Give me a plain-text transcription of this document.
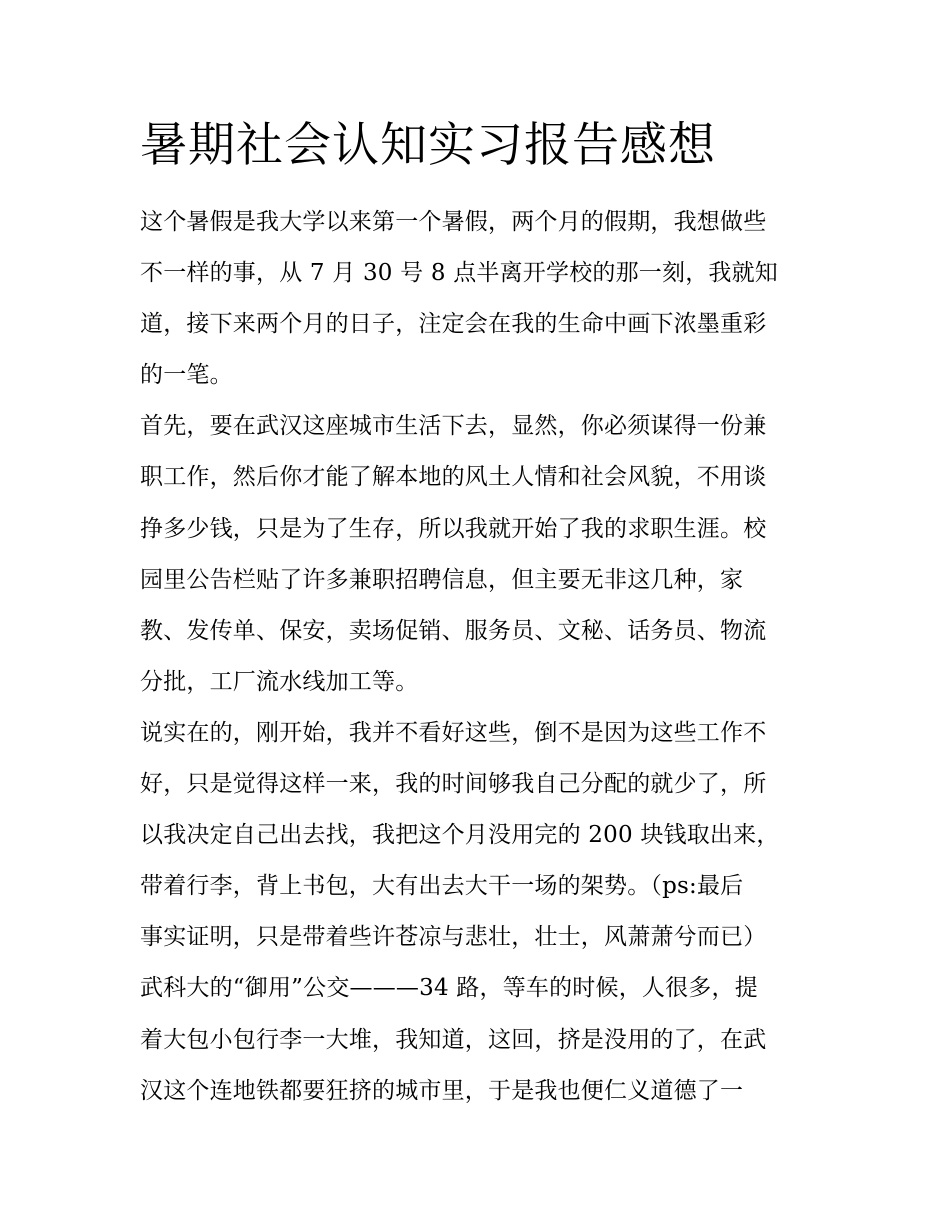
暑期社会认知实习报告感想
这个暑假是我大学以来第一个暑假，两个月的假期，我想做些
不一样的事，从 7 月 30 号 8 点半离开学校的那一刻，我就知
道，接下来两个月的日子，注定会在我的生命中画下浓墨重彩
的一笔。
首先，要在武汉这座城市生活下去，显然，你必须谋得一份兼
职工作，然后你才能了解本地的风土人情和社会风貌，不用谈
挣多少钱，只是为了生存，所以我就开始了我的求职生涯。校
园里公告栏贴了许多兼职招聘信息，但主要无非这几种，家
教、发传单、保安，卖场促销、服务员、文秘、话务员、物流
分批，工厂流水线加工等。
说实在的，刚开始，我并不看好这些，倒不是因为这些工作不
好，只是觉得这样一来，我的时间够我自己分配的就少了，所
以我决定自己出去找，我把这个月没用完的 200 块钱取出来，
带着行李，背上书包，大有出去大干一场的架势。（ps:最后
事实证明，只是带着些许苍凉与悲壮，壮士，风萧萧兮而已）
武科大的“御用”公交———34 路，等车的时候，人很多，提
着大包小包行李一大堆，我知道，这回，挤是没用的了，在武
汉这个连地铁都要狂挤的城市里，于是我也便仁义道德了一
